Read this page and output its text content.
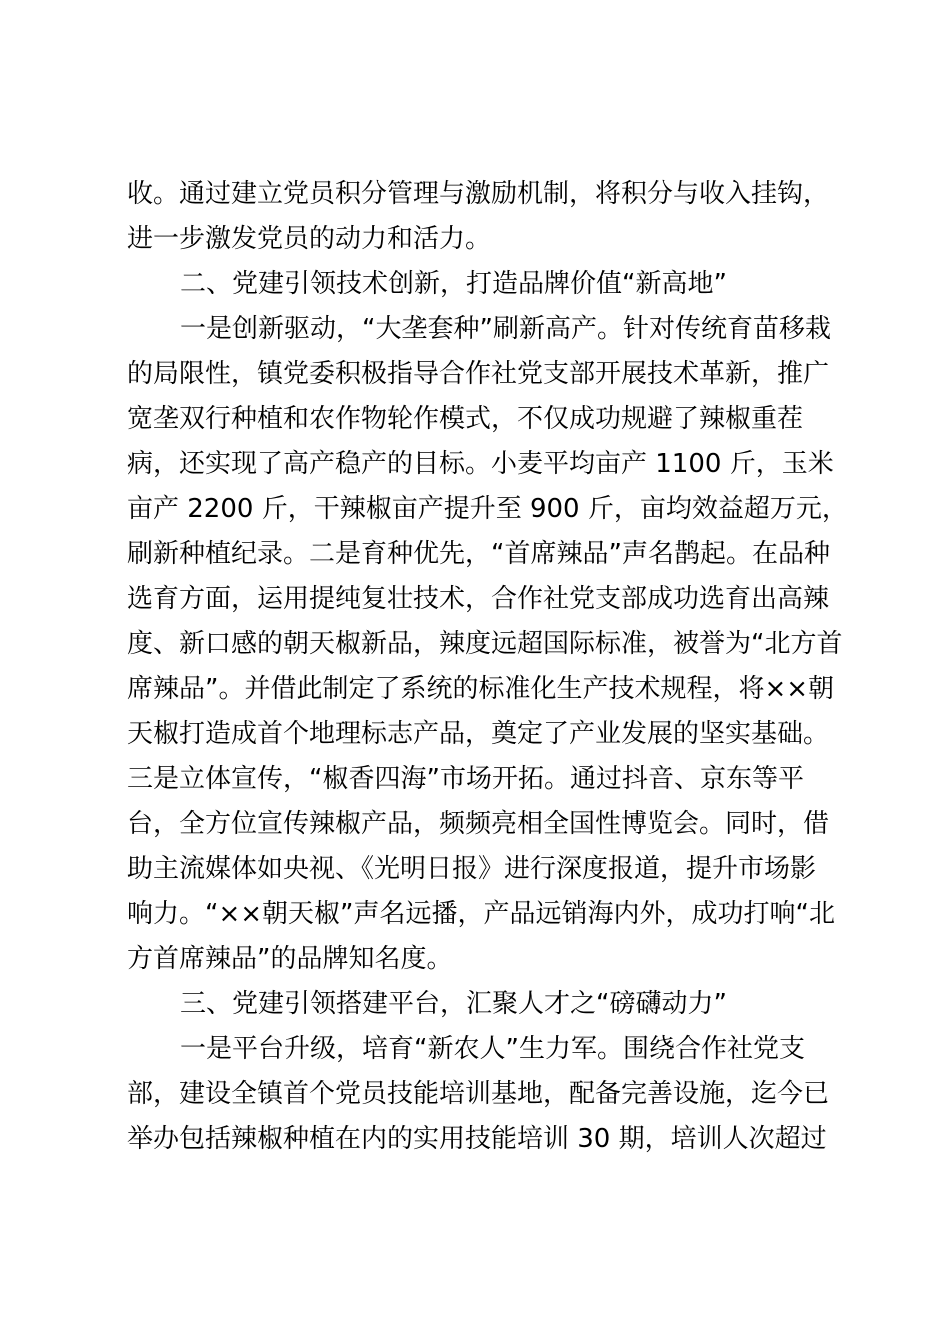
收。通过建立党员积分管理与激励机制，将积分与收入挂钩，
进一步激发党员的动力和活力。
二、党建引领技术创新，打造品牌价值“新高地”
一是创新驱动，“大垄套种”刷新高产。针对传统育苗移栽
的局限性，镇党委积极指导合作社党支部开展技术革新，推广
宽垄双行种植和农作物轮作模式，不仅成功规避了辣椒重茬
病，还实现了高产稳产的目标。小麦平均亩产 1100 斤，玉米
亩产 2200 斤，干辣椒亩产提升至 900 斤，亩均效益超万元，
刷新种植纪录。二是育种优先，“首席辣品”声名鹊起。在品种
选育方面，运用提纯复壮技术，合作社党支部成功选育出高辣
度、新口感的朝天椒新品，辣度远超国际标准，被誉为“北方首
席辣品”。并借此制定了系统的标准化生产技术规程，将××朝
天椒打造成首个地理标志产品，奠定了产业发展的坚实基础。
三是立体宣传，“椒香四海”市场开拓。通过抖音、京东等平
台，全方位宣传辣椒产品，频频亮相全国性博览会。同时，借
助主流媒体如央视、《光明日报》进行深度报道，提升市场影
响力。“××朝天椒”声名远播，产品远销海内外，成功打响“北
方首席辣品”的品牌知名度。
三、党建引领搭建平台，汇聚人才之“磅礴动力”
一是平台升级，培育“新农人”生力军。围绕合作社党支
部，建设全镇首个党员技能培训基地，配备完善设施，迄今已
举办包括辣椒种植在内的实用技能培训 30 期，培训人次超过
